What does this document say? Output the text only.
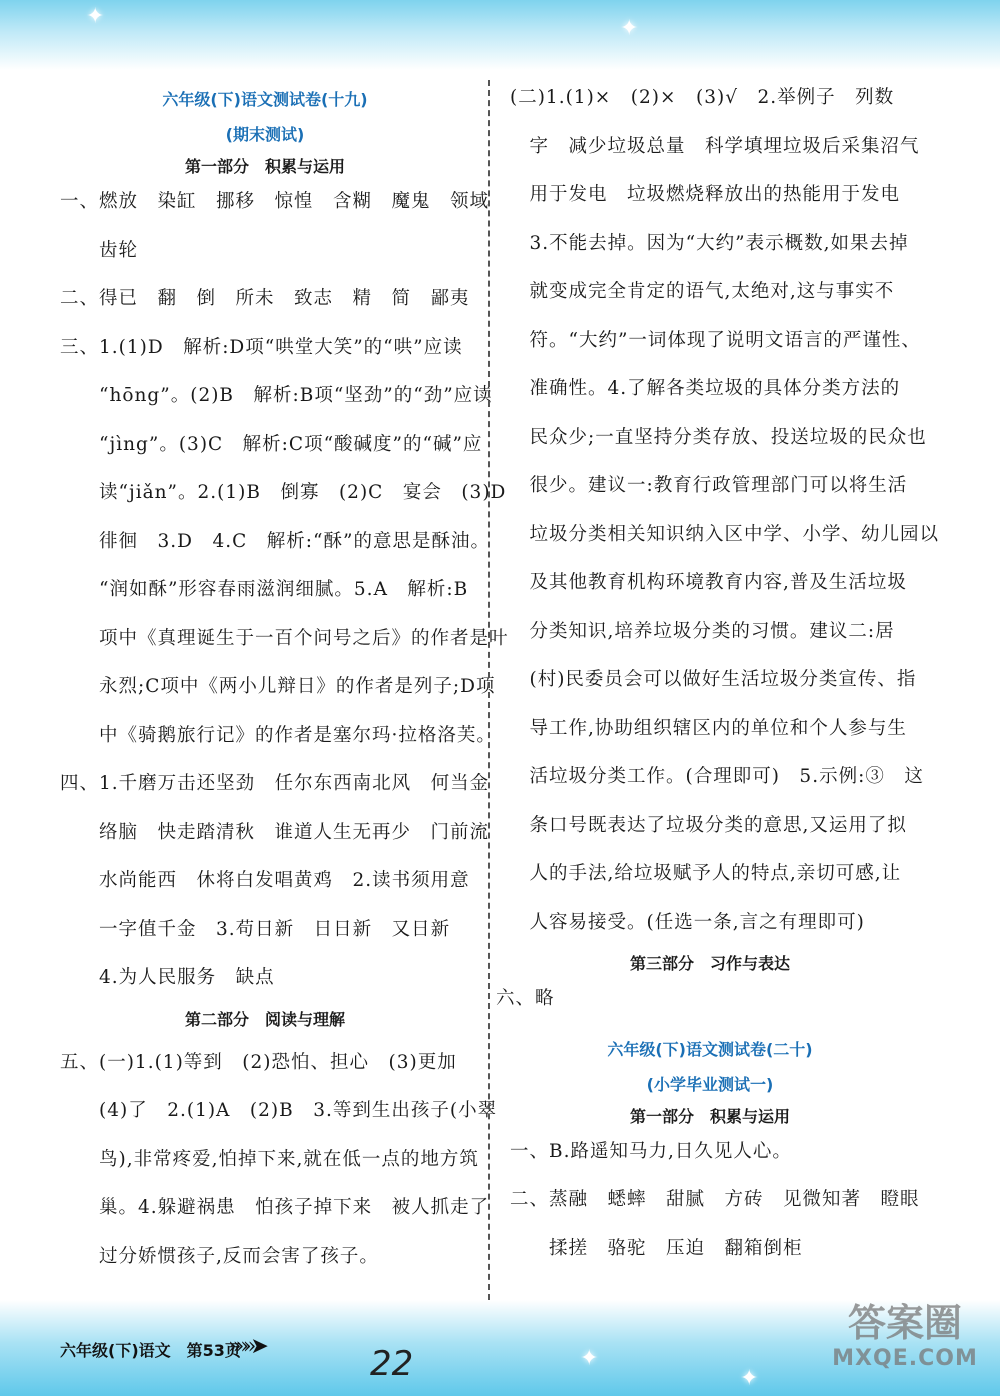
✦	✦
六年级(下)语文测试卷(十九)
(期末测试)
第一部分　积累与运用
一、燃放　染缸　挪移　惊惶　含糊　魔鬼　领域
　　齿轮
二、得已　翻　倒　所未　致志　精　简　鄙夷
三、1.(1)D　解析:D项“哄堂大笑”的“哄”应读
　　“hōng”。(2)B　解析:B项“坚劲”的“劲”应读
　　“jìng”。(3)C　解析:C项“酸碱度”的“碱”应
　　读“jiǎn”。2.(1)B　倒寡　(2)C　宴会　(3)D
　　徘徊　3.D　4.C　解析:“酥”的意思是酥油。
　　“润如酥”形容春雨滋润细腻。5.A　解析:B
　　项中《真理诞生于一百个问号之后》的作者是叶
　　永烈;C项中《两小儿辩日》的作者是列子;D项
　　中《骑鹅旅行记》的作者是塞尔玛·拉格洛芙。
四、1.千磨万击还坚劲　任尔东西南北风　何当金
　　络脑　快走踏清秋　谁道人生无再少　门前流
　　水尚能西　休将白发唱黄鸡　2.读书须用意
　　一字值千金　3.苟日新　日日新　又日新
　　4.为人民服务　缺点
第二部分　阅读与理解
五、(一)1.(1)等到　(2)恐怕、担心　(3)更加
　　(4)了　2.(1)A　(2)B　3.等到生出孩子(小翠
　　鸟),非常疼爱,怕掉下来,就在低一点的地方筑
　　巢。4.躲避祸患　怕孩子掉下来　被人抓走了
　　过分娇惯孩子,反而会害了孩子。
(二)1.(1)×　(2)×　(3)√　2.举例子　列数
　字　减少垃圾总量　科学填埋垃圾后采集沼气
　用于发电　垃圾燃烧释放出的热能用于发电
　3.不能去掉。因为“大约”表示概数,如果去掉
　就变成完全肯定的语气,太绝对,这与事实不
　符。“大约”一词体现了说明文语言的严谨性、
　准确性。4.了解各类垃圾的具体分类方法的
　民众少;一直坚持分类存放、投送垃圾的民众也
　很少。建议一:教育行政管理部门可以将生活
　垃圾分类相关知识纳入区中学、小学、幼儿园以
　及其他教育机构环境教育内容,普及生活垃圾
　分类知识,培养垃圾分类的习惯。建议二:居
　(村)民委员会可以做好生活垃圾分类宣传、指
　导工作,协助组织辖区内的单位和个人参与生
　活垃圾分类工作。(合理即可)　5.示例:③　这
　条口号既表达了垃圾分类的意思,又运用了拟
　人的手法,给垃圾赋予人的特点,亲切可感,让
　人容易接受。(任选一条,言之有理即可)
第三部分　习作与表达
六、略
六年级(下)语文测试卷(二十)
(小学毕业测试一)
第一部分　积累与运用
一、B.路遥知马力,日久见人心。
二、蒸融　蟋蟀　甜腻　方砖　见微知著　瞪眼
　　揉搓　骆驼　压迫　翻箱倒柜
✦
✦
六年级(下)语文　第53页
»»»➤	22
答案圈
MXQE.COM
